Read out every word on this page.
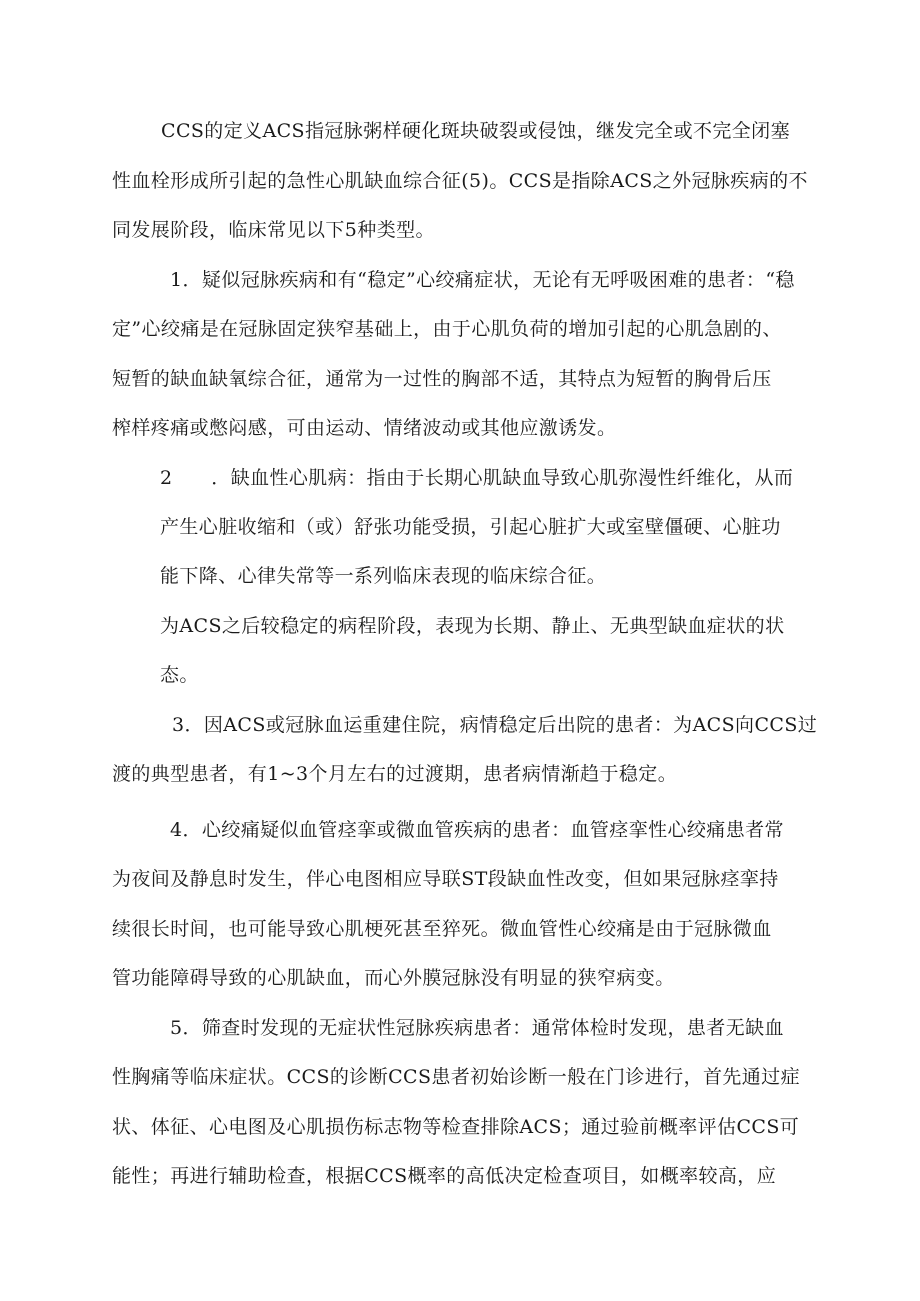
CCS的定义ACS指冠脉粥样硬化斑块破裂或侵蚀，继发完全或不完全闭塞
性血栓形成所引起的急性心肌缺血综合征(5)。CCS是指除ACS之外冠脉疾病的不
同发展阶段，临床常见以下5种类型。
1．疑似冠脉疾病和有“稳定”心绞痛症状，无论有无呼吸困难的患者：“稳
定”心绞痛是在冠脉固定狭窄基础上，由于心肌负荷的增加引起的心肌急剧的、
短暂的缺血缺氧综合征，通常为一过性的胸部不适，其特点为短暂的胸骨后压
榨样疼痛或憋闷感，可由运动、情绪波动或其他应激诱发。
2　　．缺血性心肌病：指由于长期心肌缺血导致心肌弥漫性纤维化，从而
产生心脏收缩和（或）舒张功能受损，引起心脏扩大或室壁僵硬、心脏功
能下降、心律失常等一系列临床表现的临床综合征。
为ACS之后较稳定的病程阶段，表现为长期、静止、无典型缺血症状的状
态。
3．因ACS或冠脉血运重建住院，病情稳定后出院的患者：为ACS向CCS过
渡的典型患者，有1~3个月左右的过渡期，患者病情渐趋于稳定。
4．心绞痛疑似血管痉挛或微血管疾病的患者：血管痉挛性心绞痛患者常
为夜间及静息时发生，伴心电图相应导联ST段缺血性改变，但如果冠脉痉挛持
续很长时间，也可能导致心肌梗死甚至猝死。微血管性心绞痛是由于冠脉微血
管功能障碍导致的心肌缺血，而心外膜冠脉没有明显的狭窄病变。
5．筛查时发现的无症状性冠脉疾病患者：通常体检时发现，患者无缺血
性胸痛等临床症状。CCS的诊断CCS患者初始诊断一般在门诊进行，首先通过症
状、体征、心电图及心肌损伤标志物等检查排除ACS；通过验前概率评估CCS可
能性；再进行辅助检查，根据CCS概率的高低决定检查项目，如概率较高，应
